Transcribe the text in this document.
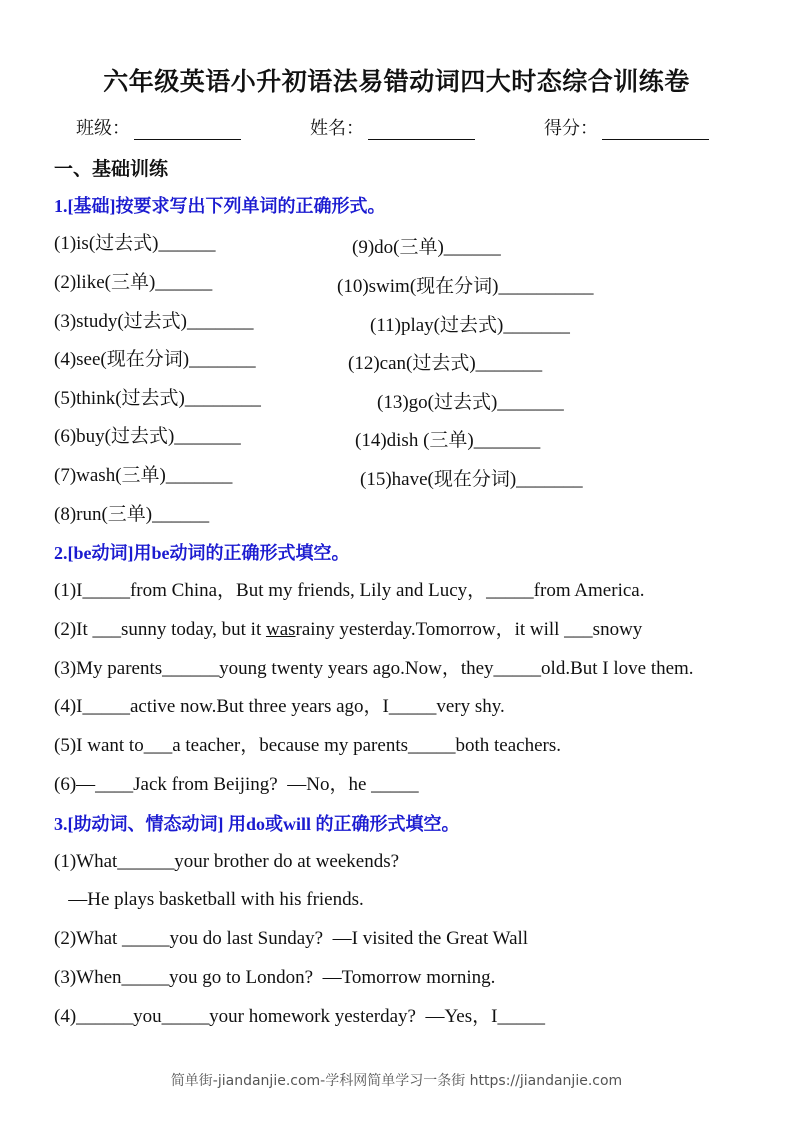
六年级英语小升初语法易错动词四大时态综合训练卷
班级：	姓名：	得分：
一、基础训练
1.[基础]按要求写出下列单词的正确形式。
(1)is(过去式)______	(9)do(三单)______
(2)like(三单)______	(10)swim(现在分词)__________
(3)study(过去式)_______	(11)play(过去式)_______
(4)see(现在分词)_______	(12)can(过去式)_______
(5)think(过去式)________	(13)go(过去式)_______
(6)buy(过去式)_______	(14)dish (三单)_______
(7)wash(三单)_______	(15)have(现在分词)_______
(8)run(三单)______
2.[be动词]用be动词的正确形式填空。
(1)I_____from China，But my friends, Lily and Lucy，_____from America.
(2)It ___sunny today, but it wasrainy yesterday.Tomorrow，it will ___snowy
(3)My parents______young twenty years ago.Now，they_____old.But I love them.
(4)I_____active now.But three years ago，I_____very shy.
(5)I want to___a teacher，because my parents_____both teachers.
(6)—____Jack from Beijing?  —No，he _____
3.[助动词、情态动词] 用do或will 的正确形式填空。
(1)What______your brother do at weekends?
—He plays basketball with his friends.
(2)What _____you do last Sunday?  —I visited the Great Wall
(3)When_____you go to London?  —Tomorrow morning.
(4)______you_____your homework yesterday?  —Yes，I_____
简单街-jiandanjie.com-学科网简单学习一条街 https://jiandanjie.com
